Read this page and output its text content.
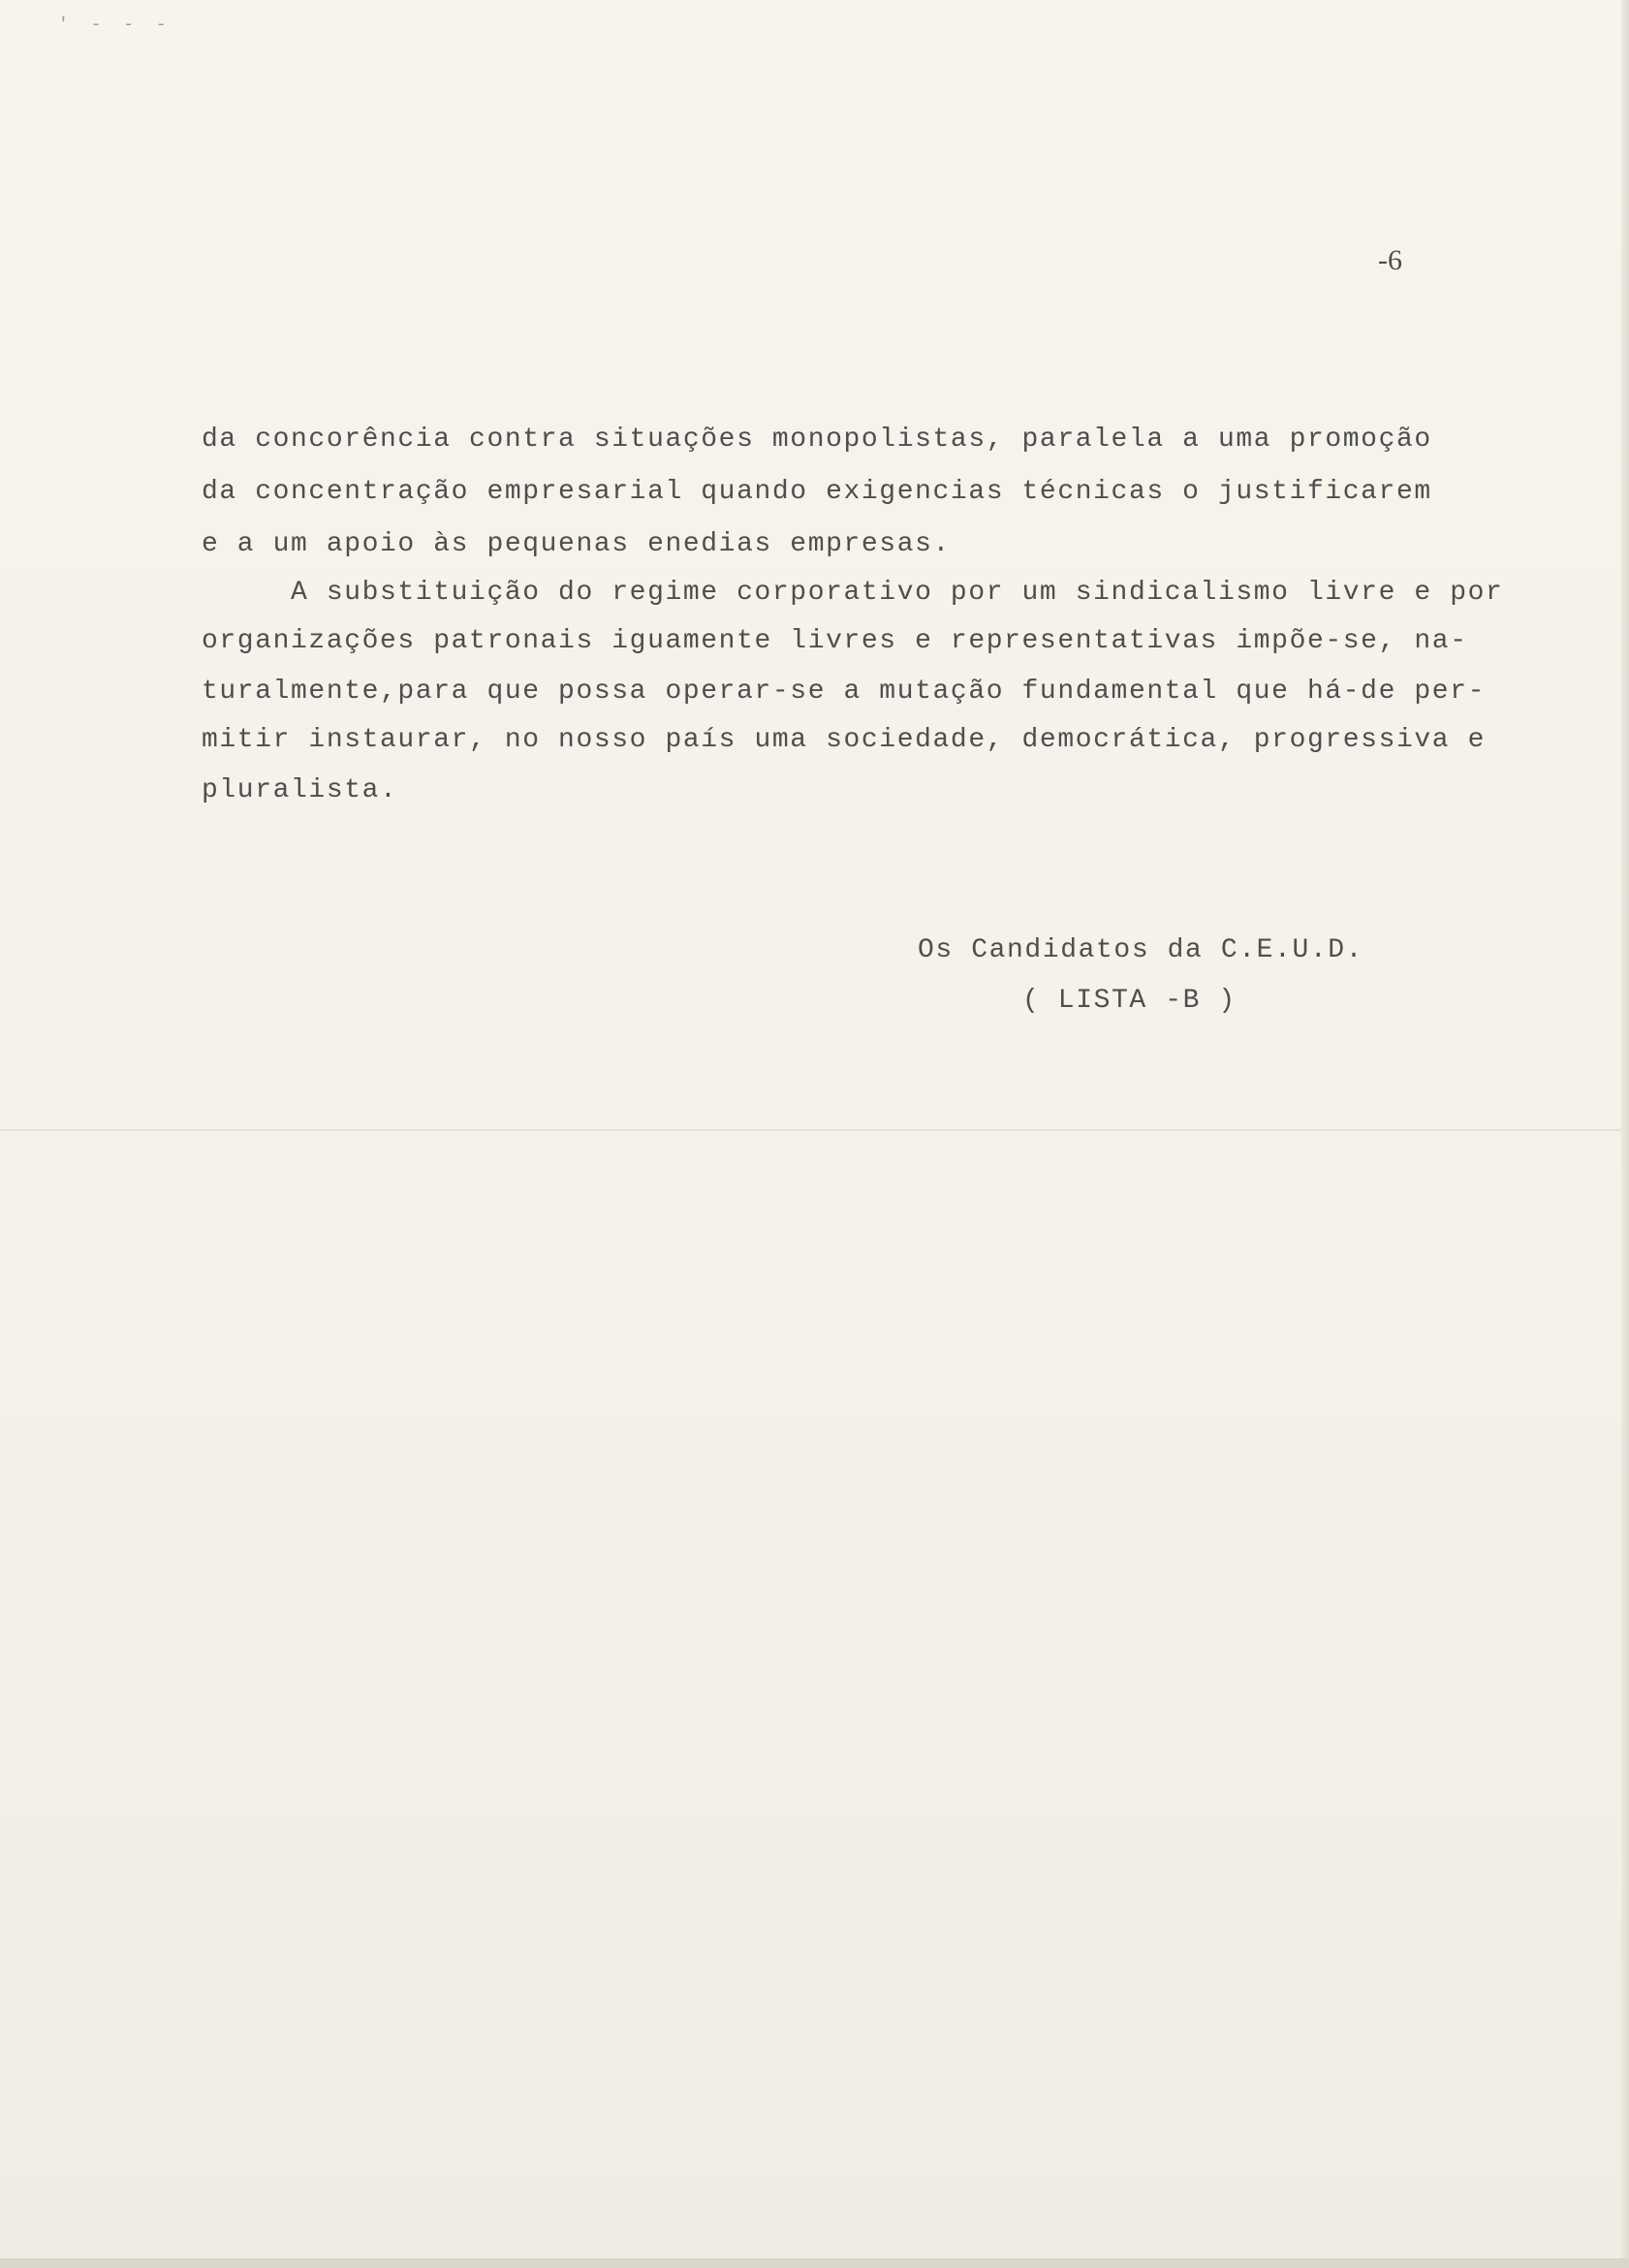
' - - -
-6
da concorência contra situações monopolistas, paralela a uma promoção
da concentração empresarial quando exigencias técnicas o justificarem
e a um apoio às pequenas enedias empresas.
A substituição do regime corporativo por um sindicalismo livre e por
organizações patronais iguamente livres e representativas impõe-se, na-
turalmente,para que possa operar-se a mutação fundamental que há-de per-
mitir instaurar, no nosso país uma sociedade, democrática, progressiva e
pluralista.
Os Candidatos da C.E.U.D.
( LISTA -B )
